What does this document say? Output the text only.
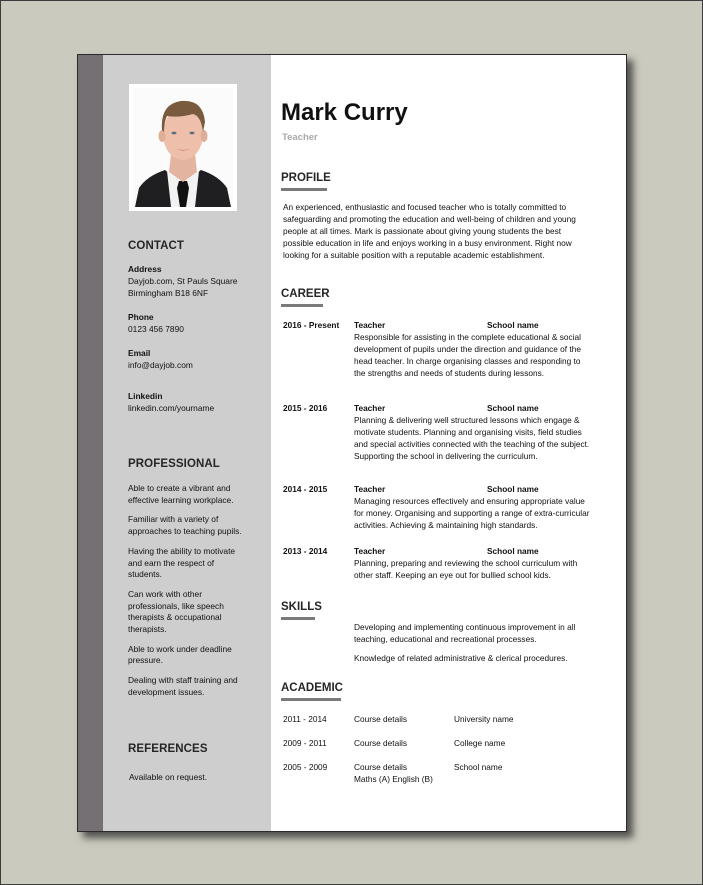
CONTACT
Address
Dayjob.com, St Pauls Square
Birmingham B18 6NF
Phone
0123 456 7890
Email
info@dayjob.com
Linkedin
linkedin.com/yourname
PROFESSIONAL
Able to create a vibrant and effective learning workplace.
Familiar with a variety of approaches to teaching pupils.
Having the ability to motivate and earn the respect of students.
Can work with other professionals, like speech therapists & occupational therapists.
Able to work under deadline pressure.
Dealing with staff training and development issues.
REFERENCES
Available on request.
Mark Curry
Teacher
PROFILE
An experienced, enthusiastic and focused teacher who is totally committed to safeguarding and promoting the education and well-being of children and young people at all times. Mark is passionate about giving young students the best possible education in life and enjoys working in a busy environment. Right now looking for a suitable position with a reputable academic establishment.
CAREER
2016 - Present Teacher	School name
Responsible for assisting in the complete educational & social development of pupils under the direction and guidance of the head teacher. In charge organising classes and responding to the strengths and needs of students during lessons.
2015 - 2016	Teacher	School name
Planning & delivering well structured lessons which engage & motivate students. Planning and organising visits, field studies and special activities connected with the teaching of the subject. Supporting the school in delivering the curriculum.
2014 - 2015	Teacher	School name
Managing resources effectively and ensuring appropriate value for money. Organising and supporting a range of extra-curricular activities. Achieving & maintaining high standards.
2013 - 2014	Teacher	School name
Planning, preparing and reviewing the school curriculum with other staff. Keeping an eye out for bullied school kids.
SKILLS
Developing and implementing continuous improvement in all teaching, educational and recreational processes.
Knowledge of related administrative & clerical procedures.
ACADEMIC
2011 - 2014	Course details	University name
2009 - 2011	Course details	College name
2005 - 2009	Course details	School name
Maths (A) English (B)
